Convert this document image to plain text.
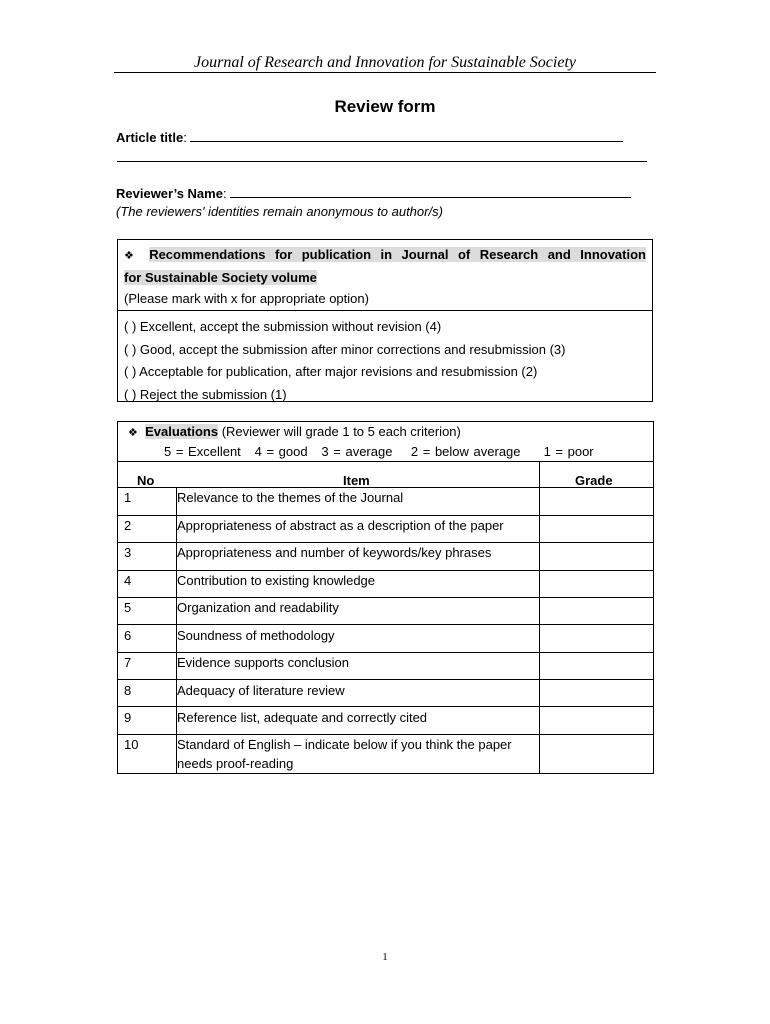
Journal of Research and Innovation for Sustainable Society
Review form
Article title:
Reviewer’s Name:
(The reviewers' identities remain anonymous to author/s)
❖ Recommendations for publication in Journal of Research and Innovation
for Sustainable Society volume
(Please mark with x for appropriate option)
( ) Excellent, accept the submission without revision (4)
( ) Good, accept the submission after minor corrections and resubmission (3)
( ) Acceptable for publication, after major revisions and resubmission (2)
( ) Reject the submission (1)
❖ Evaluations (Reviewer will grade 1 to 5 each criterion)
5 = Excellent   4 = good   3 = average    2 = below average     1 = poor
No	Item	Grade
1	Relevance to the themes of the Journal
2	Appropriateness of abstract as a description of the paper
3	Appropriateness and number of keywords/key phrases
4	Contribution to existing knowledge
5	Organization and readability
6	Soundness of methodology
7	Evidence supports conclusion
8	Adequacy of literature review
9	Reference list, adequate and correctly cited
10	Standard of English – indicate below if you think the paper
needs proof-reading
1
